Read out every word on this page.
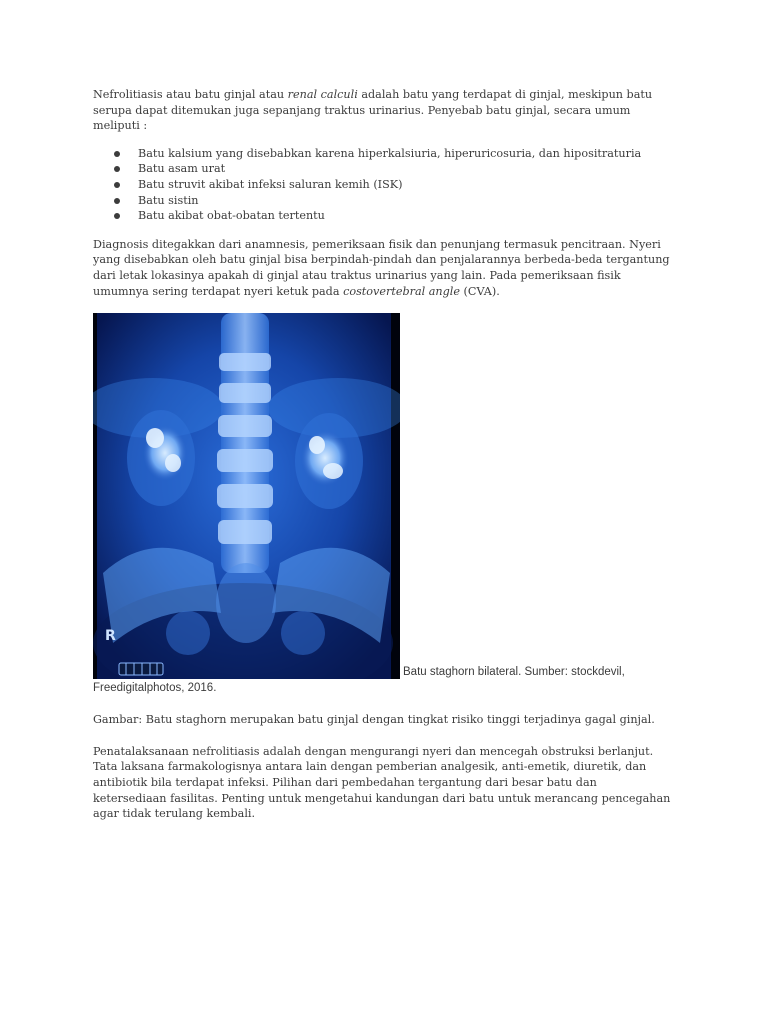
Nefrolitiasis atau batu ginjal atau renal calculi adalah batu yang terdapat di ginjal, meskipun batu serupa dapat ditemukan juga sepanjang traktus urinarius. Penyebab batu ginjal, secara umum meliputi :

Batu kalsium yang disebabkan karena hiperkalsiuria, hiperuricosuria, dan hipositraturia
Batu asam urat
Batu struvit akibat infeksi saluran kemih (ISK)
Batu sistin
Batu akibat obat-obatan tertentu

Diagnosis ditegakkan dari anamnesis, pemeriksaan fisik dan penunjang termasuk pencitraan. Nyeri yang disebabkan oleh batu ginjal bisa berpindah-pindah dan penjalarannya berbeda-beda tergantung dari letak lokasinya apakah di ginjal atau traktus urinarius yang lain. Pada pemeriksaan fisik umumnya sering terdapat nyeri ketuk pada costovertebral angle (CVA).

R
Batu staghorn bilateral. Sumber: stockdevil,

Freedigitalphotos, 2016.

Gambar: Batu staghorn merupakan batu ginjal dengan tingkat risiko tinggi terjadinya gagal ginjal.

Penatalaksanaan nefrolitiasis adalah dengan mengurangi nyeri dan mencegah obstruksi berlanjut. Tata laksana farmakologisnya antara lain dengan pemberian analgesik, anti-emetik, diuretik, dan antibiotik bila terdapat infeksi. Pilihan dari pembedahan tergantung dari besar batu dan ketersediaan fasilitas. Penting untuk mengetahui kandungan dari batu untuk merancang pencegahan agar tidak terulang kembali.
